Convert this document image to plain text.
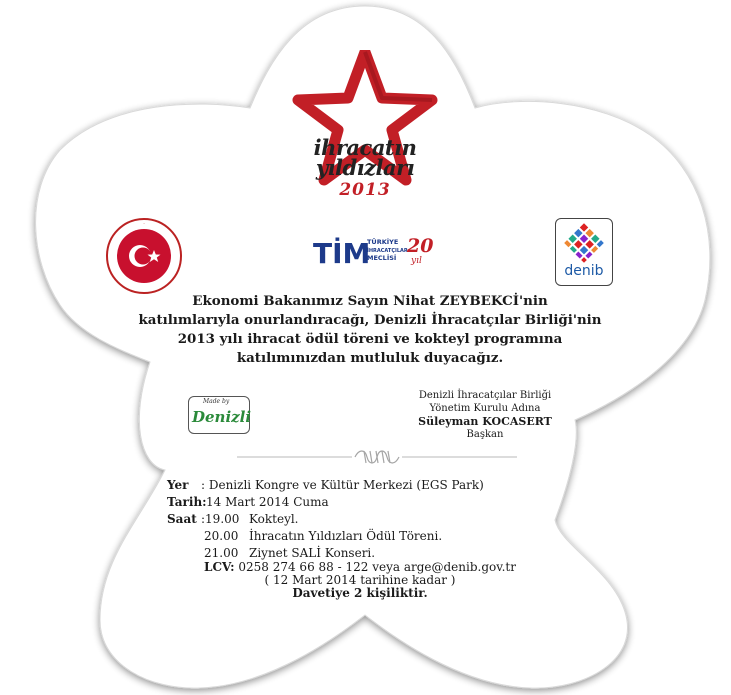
ihracatın
yıldızları
2013
.
TİM
TÜRKİYE
İHRACATÇILAR
MECLİSİ
20
yıl
denib
Ekonomi Bakanımız Sayın Nihat ZEYBEKCİ'nin
katılımlarıyla onurlandıracağı, Denizli İhracatçılar Birliği'nin
2013 yılı ihracat ödül töreni ve kokteyl programına
katılımınızdan mutluluk duyacağız.
Made by
Denizli
Denizli İhracatçılar Birliği
Yönetim Kurulu Adına
Süleyman KOCASERT
Başkan
Yer : Denizli Kongre ve Kültür Merkezi (EGS Park)
Tarih: 14 Mart 2014 Cuma
Saat :19.00 Kokteyl.
20.00 İhracatın Yıldızları Ödül Töreni.
21.00 Ziynet SALİ Konseri.
LCV: 0258 274 66 88 - 122 veya arge@denib.gov.tr
( 12 Mart 2014 tarihine kadar )
Davetiye 2 kişiliktir.
